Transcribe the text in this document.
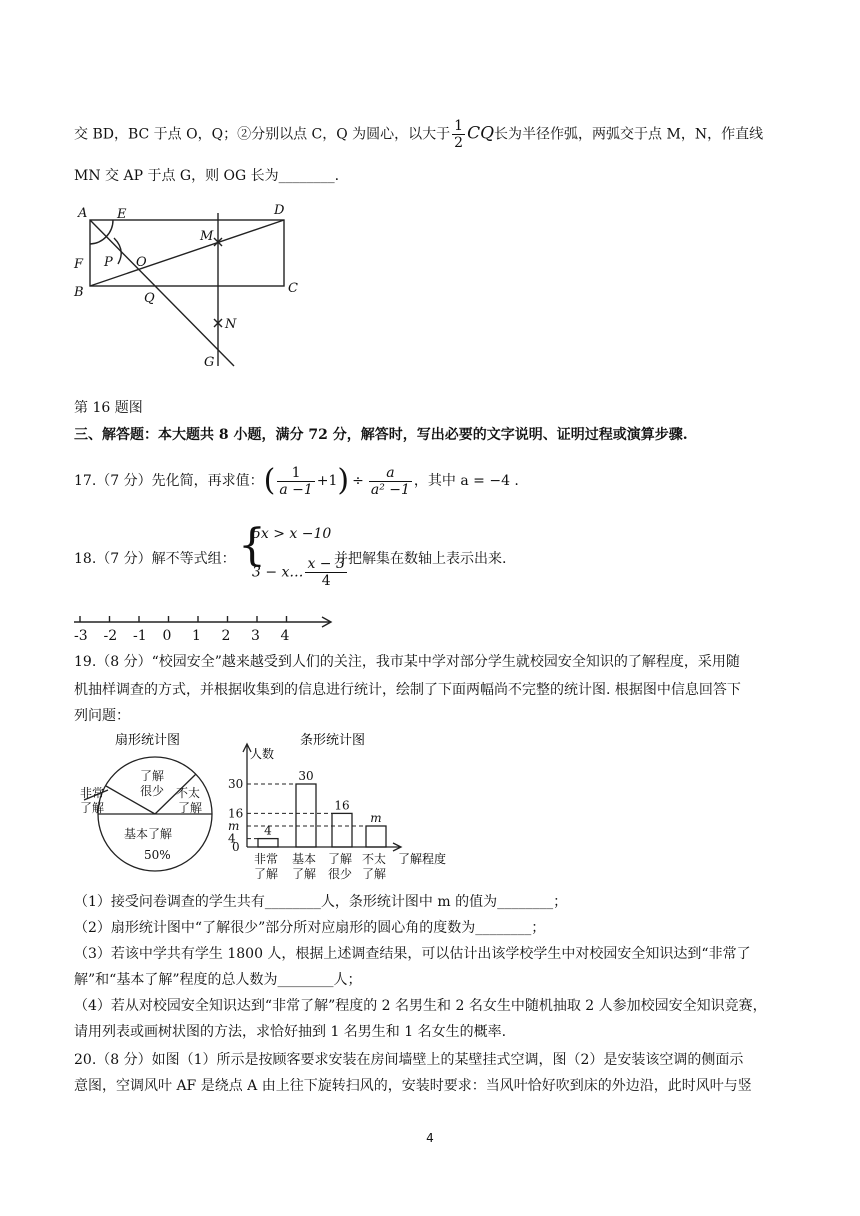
交 BD，BC 于点 O，Q；②分别以点 C，Q 为圆心，以大于 $\frac{1}{2}$ CQ长为半径作弧，两弧交于点 M，N，作直线
MN 交 AP 于点 G，则 OG 长为________.
A E	D
M
F P O
B	Q
C
N
G
第 16 题图
三、解答题：本大题共 8 小题，满分 72 分，解答时，写出必要的文字说明、证明过程或演算步骤.
17.（7 分）先化简，再求值：( $\frac{1}{a -1} +1) \div \frac{a}{\text{a² −1}}$ ，其中 a = −4 .
18.（7 分）解不等式组： {
5x > x −10
3 − x… $\frac{x - 3}{4}$
并把解集在数轴上表示出来.
-3 -2 -1 0 1 2 3 4
19.（8 分）“校园安全”越来越受到人们的关注，我市某中学对部分学生就校园安全知识的了解程度，采用随
机抽样调查的方式，并根据收集到的信息进行统计，绘制了下面两幅尚不完整的统计图. 根据图中信息回答下
列问题：
扇形统计图
非常
了解
了解
很少 不太
了解
基本了解
50%
条形统计图
人数
30
16
m
4
0
4
非常
了解
30
基本
了解
16
了解
很少
m
不太
了解
了解程度
（1）接受问卷调查的学生共有________人，条形统计图中 m 的值为________；
（2）扇形统计图中“了解很少”部分所对应扇形的圆心角的度数为________；
（3）若该中学共有学生 1800 人，根据上述调查结果，可以估计出该学校学生中对校园安全知识达到“非常了
解”和“基本了解”程度的总人数为________人；
（4）若从对校园安全知识达到“非常了解”程度的 2 名男生和 2 名女生中随机抽取 2 人参加校园安全知识竞赛，
请用列表或画树状图的方法，求恰好抽到 1 名男生和 1 名女生的概率.
20.（8 分）如图（1）所示是按顾客要求安装在房间墙壁上的某壁挂式空调，图（2）是安装该空调的侧面示
意图，空调风叶 AF 是绕点 A 由上往下旋转扫风的，安装时要求：当风叶恰好吹到床的外边沿，此时风叶与竖
4
